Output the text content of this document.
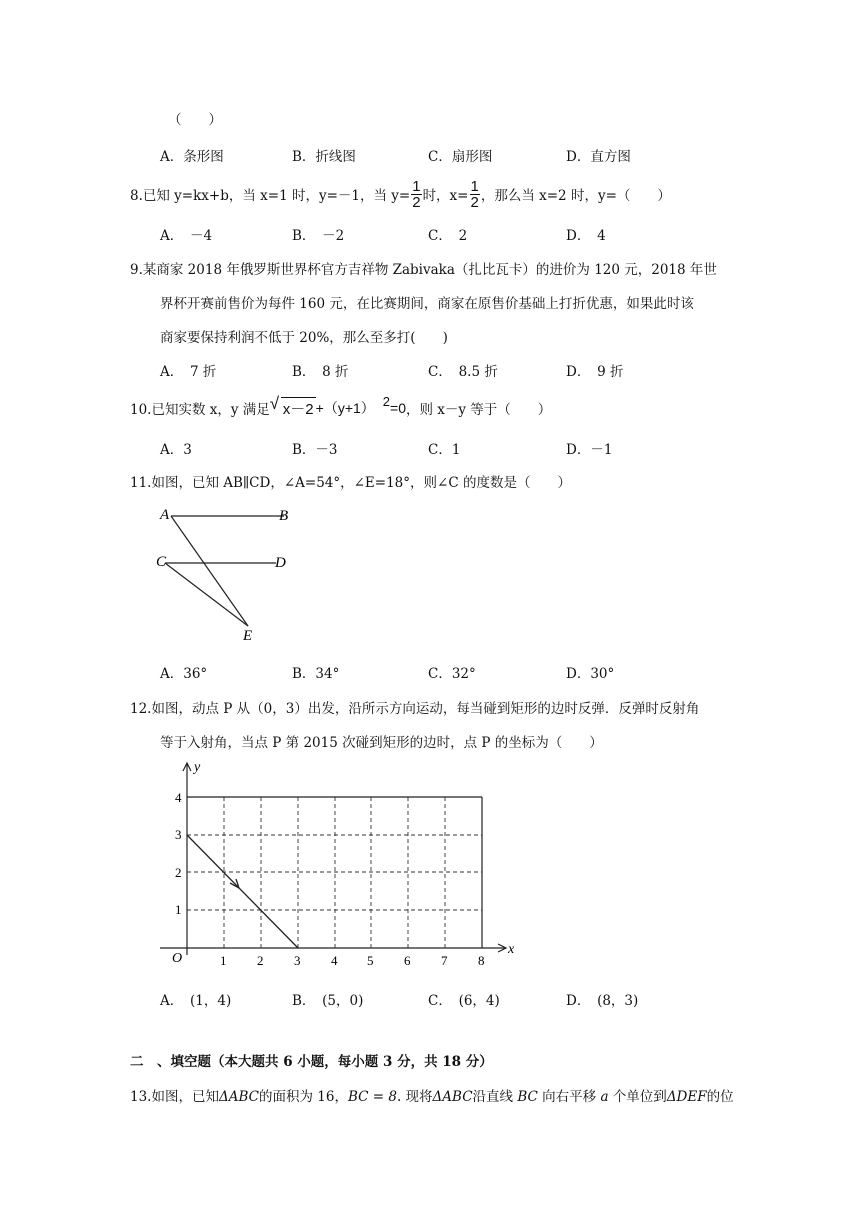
（　　）
A．条形图	B．折线图	C．扇形图	D．直方图
8.已知 y=kx+b，当 x=1 时，y=－1，当 $y= \frac{1}{2}$ 时，$x= \frac{1}{2}$ ，那么当 x=2 时，y=（　　）
A．　－4	B．　－2	C．　2	D．　4
9.某商家 2018 年俄罗斯世界杯官方吉祥物 Zabivaka（扎比瓦卡）的进价为 120 元，2018 年世
界杯开赛前售价为每件 160 元，在比赛期间，商家在原售价基础上打折优惠，如果此时该
商家要保持利润不低于 20%，那么至多打(　　)
A．　7 折	B．　8 折	C．　8.5 折	D．　9 折
10.已知实数 x，y 满足 √ x－2 +（y+1） 2 =0 ，则 x－y 等于（　　）
A．3	B．－3	C．1	D．－1
11.如图，已知 AB∥CD，∠A=54°，∠E=18°，则∠C 的度数是（　　）
A	B
C	D
E
A．36°	B．34°	C．32°	D．30°
12.如图，动点 P 从（0，3）出发，沿所示方向运动，每当碰到矩形的边时反弹．反弹时反射角
等于入射角，当点 P 第 2015 次碰到矩形的边时，点 P 的坐标为（　　）
y
x
O	1 2 3 4 5 6 7 8
1
2
3
4
A．　(1，4)	B．　(5，0)	C．　(6，4)	D．　(8，3)
二　、填空题（本大题共 6 小题，每小题 3 分，共 18 分）
13.如图，已知ΔABC的面积为 16，BC = 8. 现将ΔABC沿直线 BC 向右平移 a 个单位到ΔDEF的位
